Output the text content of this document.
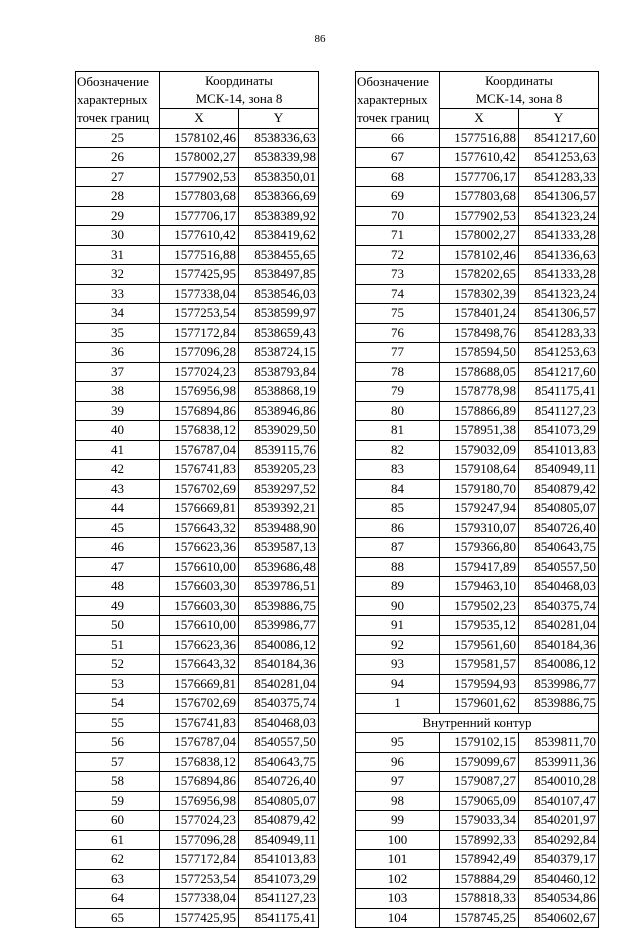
86
Обозначение
характерных
точек границ	Координаты
МСК-14, зона 8	

	X	Y
25	1578102,46	8538336,63
26	1578002,27	8538339,98
27	1577902,53	8538350,01
28	1577803,68	8538366,69
29	1577706,17	8538389,92
30	1577610,42	8538419,62
31	1577516,88	8538455,65
32	1577425,95	8538497,85
33	1577338,04	8538546,03
34	1577253,54	8538599,97
35	1577172,84	8538659,43
36	1577096,28	8538724,15
37	1577024,23	8538793,84
38	1576956,98	8538868,19
39	1576894,86	8538946,86
40	1576838,12	8539029,50
41	1576787,04	8539115,76
42	1576741,83	8539205,23
43	1576702,69	8539297,52
44	1576669,81	8539392,21
45	1576643,32	8539488,90
46	1576623,36	8539587,13
47	1576610,00	8539686,48
48	1576603,30	8539786,51
49	1576603,30	8539886,75
50	1576610,00	8539986,77
51	1576623,36	8540086,12
52	1576643,32	8540184,36
53	1576669,81	8540281,04
54	1576702,69	8540375,74
55	1576741,83	8540468,03
56	1576787,04	8540557,50
57	1576838,12	8540643,75
58	1576894,86	8540726,40
59	1576956,98	8540805,07
60	1577024,23	8540879,42
61	1577096,28	8540949,11
62	1577172,84	8541013,83
63	1577253,54	8541073,29
64	1577338,04	8541127,23
65	1577425,95	8541175,41
Обозначение
характерных
точек границ	Координаты
МСК-14, зона 8	

	X	Y
66	1577516,88	8541217,60
67	1577610,42	8541253,63
68	1577706,17	8541283,33
69	1577803,68	8541306,57
70	1577902,53	8541323,24
71	1578002,27	8541333,28
72	1578102,46	8541336,63
73	1578202,65	8541333,28
74	1578302,39	8541323,24
75	1578401,24	8541306,57
76	1578498,76	8541283,33
77	1578594,50	8541253,63
78	1578688,05	8541217,60
79	1578778,98	8541175,41
80	1578866,89	8541127,23
81	1578951,38	8541073,29
82	1579032,09	8541013,83
83	1579108,64	8540949,11
84	1579180,70	8540879,42
85	1579247,94	8540805,07
86	1579310,07	8540726,40
87	1579366,80	8540643,75
88	1579417,89	8540557,50
89	1579463,10	8540468,03
90	1579502,23	8540375,74
91	1579535,12	8540281,04
92	1579561,60	8540184,36
93	1579581,57	8540086,12
94	1579594,93	8539986,77
1	1579601,62	8539886,75
Внутренний контур		
95	1579102,15	8539811,70
96	1579099,67	8539911,36
97	1579087,27	8540010,28
98	1579065,09	8540107,47
99	1579033,34	8540201,97
100	1578992,33	8540292,84
101	1578942,49	8540379,17
102	1578884,29	8540460,12
103	1578818,33	8540534,86
104	1578745,25	8540602,67
